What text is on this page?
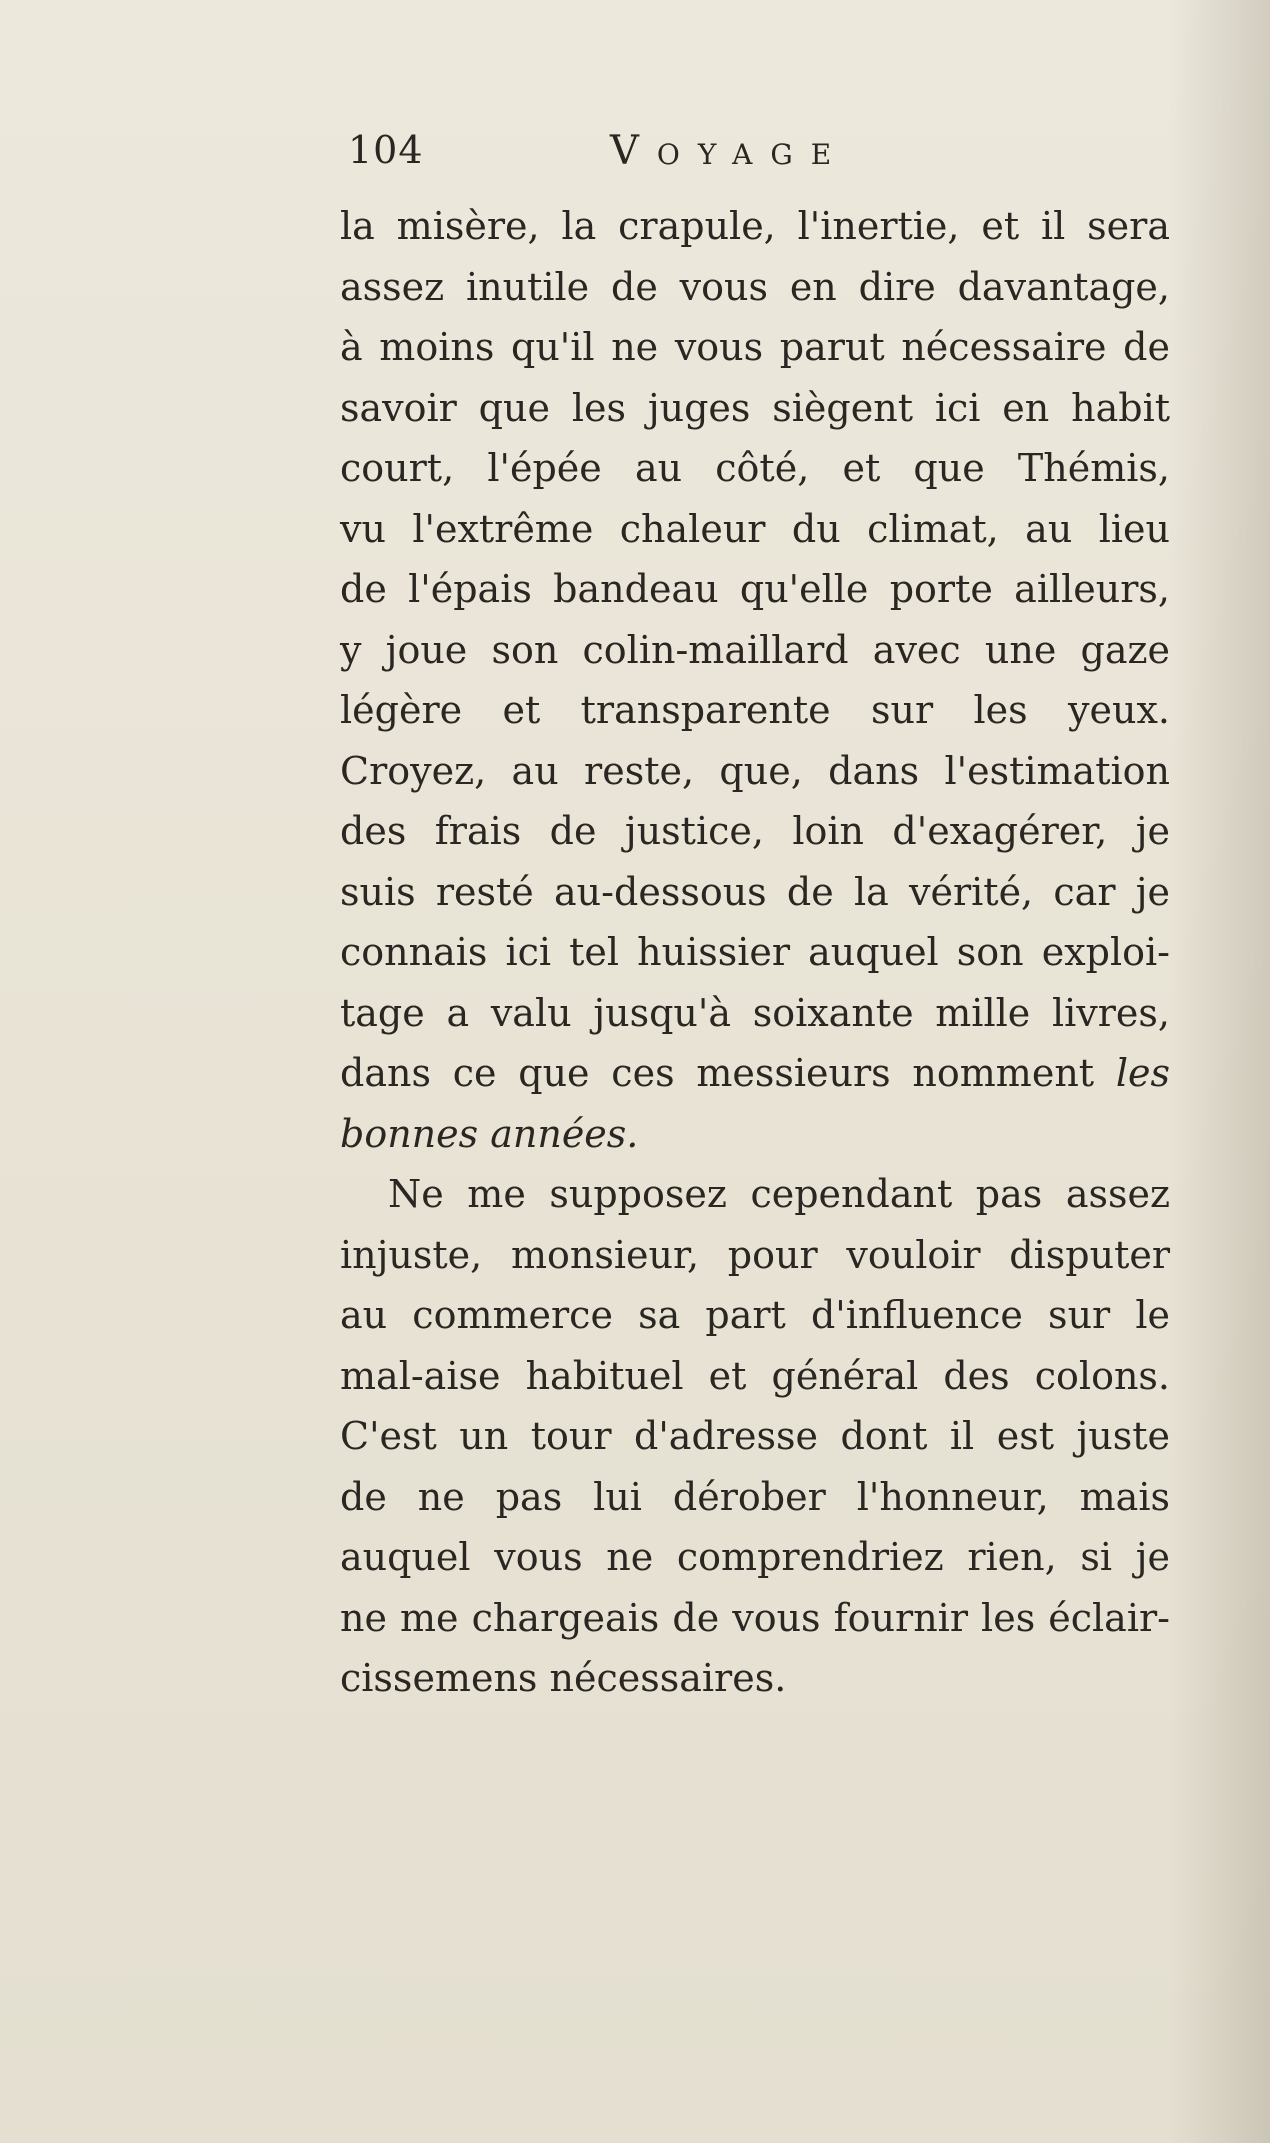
104	Voyage
la misère, la crapule, l'inertie, et il sera
assez inutile de vous en dire davantage,
à moins qu'il ne vous parut nécessaire de
savoir que les juges siègent ici en habit
court, l'épée au côté, et que Thémis,
vu l'extrême chaleur du climat, au lieu
de l'épais bandeau qu'elle porte ailleurs,
y joue son colin-maillard avec une gaze
légère et transparente sur les yeux.
Croyez, au reste, que, dans l'estimation
des frais de justice, loin d'exagérer, je
suis resté au-dessous de la vérité, car je
connais ici tel huissier auquel son exploi-
tage a valu jusqu'à soixante mille livres,
dans ce que ces messieurs nomment les
bonnes années.
Ne me supposez cependant pas assez
injuste, monsieur, pour vouloir disputer
au commerce sa part d'influence sur le
mal-aise habituel et général des colons.
C'est un tour d'adresse dont il est juste
de ne pas lui dérober l'honneur, mais
auquel vous ne comprendriez rien, si je
ne me chargeais de vous fournir les éclair-
cissemens nécessaires.
